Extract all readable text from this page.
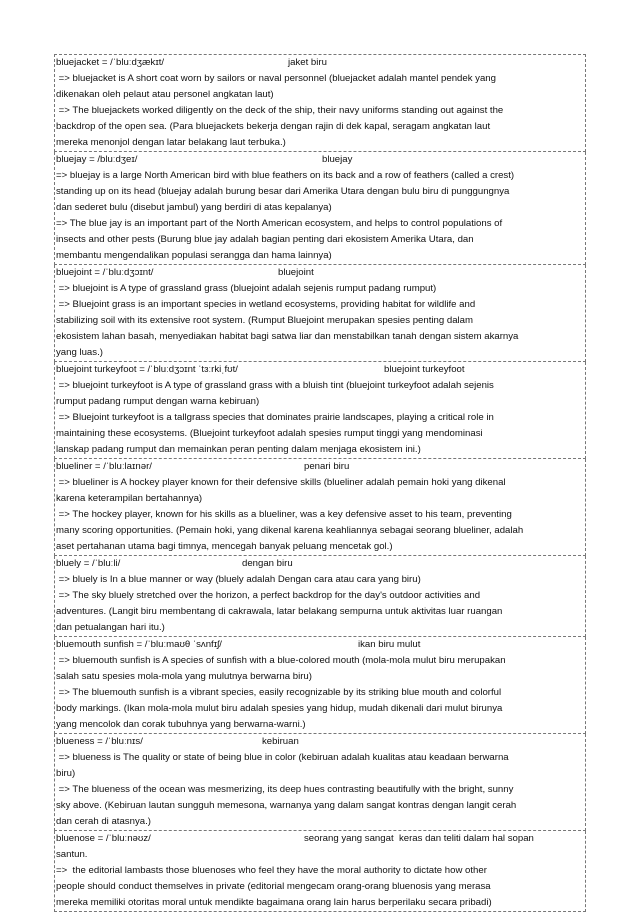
bluejacket = /ˈbluːdʒækɪt/	jaket biru
=> bluejacket is A short coat worn by sailors or naval personnel (bluejacket adalah mantel pendek yang
dikenakan oleh pelaut atau personel angkatan laut)
=> The bluejackets worked diligently on the deck of the ship, their navy uniforms standing out against the
backdrop of the open sea. (Para bluejackets bekerja dengan rajin di dek kapal, seragam angkatan laut
mereka menonjol dengan latar belakang laut terbuka.)
bluejay = /bluːdʒeɪ/	bluejay
=> bluejay is a large North American bird with blue feathers on its back and a row of feathers (called a crest)
standing up on its head (bluejay adalah burung besar dari Amerika Utara dengan bulu biru di punggungnya
dan sederet bulu (disebut jambul) yang berdiri di atas kepalanya)
=> The blue jay is an important part of the North American ecosystem, and helps to control populations of
insects and other pests (Burung blue jay adalah bagian penting dari ekosistem Amerika Utara, dan
membantu mengendalikan populasi serangga dan hama lainnya)
bluejoint = /ˈbluːdʒɔɪnt/	bluejoint
=> bluejoint is A type of grassland grass (bluejoint adalah sejenis rumput padang rumput)
=> Bluejoint grass is an important species in wetland ecosystems, providing habitat for wildlife and
stabilizing soil with its extensive root system. (Rumput Bluejoint merupakan spesies penting dalam
ekosistem lahan basah, menyediakan habitat bagi satwa liar dan menstabilkan tanah dengan sistem akarnya
yang luas.)
bluejoint turkeyfoot = /ˈbluːdʒɔɪnt ˈtɜːrkiˌfʊt/	bluejoint turkeyfoot
=> bluejoint turkeyfoot is A type of grassland grass with a bluish tint (bluejoint turkeyfoot adalah sejenis
rumput padang rumput dengan warna kebiruan)
=> Bluejoint turkeyfoot is a tallgrass species that dominates prairie landscapes, playing a critical role in
maintaining these ecosystems. (Bluejoint turkeyfoot adalah spesies rumput tinggi yang mendominasi
lanskap padang rumput dan memainkan peran penting dalam menjaga ekosistem ini.)
blueliner = /ˈbluːlaɪnər/	penari biru
=> blueliner is A hockey player known for their defensive skills (blueliner adalah pemain hoki yang dikenal
karena keterampilan bertahannya)
=> The hockey player, known for his skills as a blueliner, was a key defensive asset to his team, preventing
many scoring opportunities. (Pemain hoki, yang dikenal karena keahliannya sebagai seorang blueliner, adalah
aset pertahanan utama bagi timnya, mencegah banyak peluang mencetak gol.)
bluely = /ˈbluːli/	dengan biru
=> bluely is In a blue manner or way (bluely adalah Dengan cara atau cara yang biru)
=> The sky bluely stretched over the horizon, a perfect backdrop for the day's outdoor activities and
adventures. (Langit biru membentang di cakrawala, latar belakang sempurna untuk aktivitas luar ruangan
dan petualangan hari itu.)
bluemouth sunfish = /ˈbluːmaʊθ ˈsʌnfɪʃ/	ikan biru mulut
=> bluemouth sunfish is A species of sunfish with a blue-colored mouth (mola-mola mulut biru merupakan
salah satu spesies mola-mola yang mulutnya berwarna biru)
=> The bluemouth sunfish is a vibrant species, easily recognizable by its striking blue mouth and colorful
body markings. (Ikan mola-mola mulut biru adalah spesies yang hidup, mudah dikenali dari mulut birunya
yang mencolok dan corak tubuhnya yang berwarna-warni.)
blueness = /ˈbluːnɪs/	kebiruan
=> blueness is The quality or state of being blue in color (kebiruan adalah kualitas atau keadaan berwarna
biru)
=> The blueness of the ocean was mesmerizing, its deep hues contrasting beautifully with the bright, sunny
sky above. (Kebiruan lautan sungguh memesona, warnanya yang dalam sangat kontras dengan langit cerah
dan cerah di atasnya.)
bluenose = /ˈbluːnəʊz/	seorang yang sangat  keras dan teliti dalam hal sopan
santun.
=>  the editorial lambasts those bluenoses who feel they have the moral authority to dictate how other
people should conduct themselves in private (editorial mengecam orang-orang bluenosis yang merasa
mereka memiliki otoritas moral untuk mendikte bagaimana orang lain harus berperilaku secara pribadi)
